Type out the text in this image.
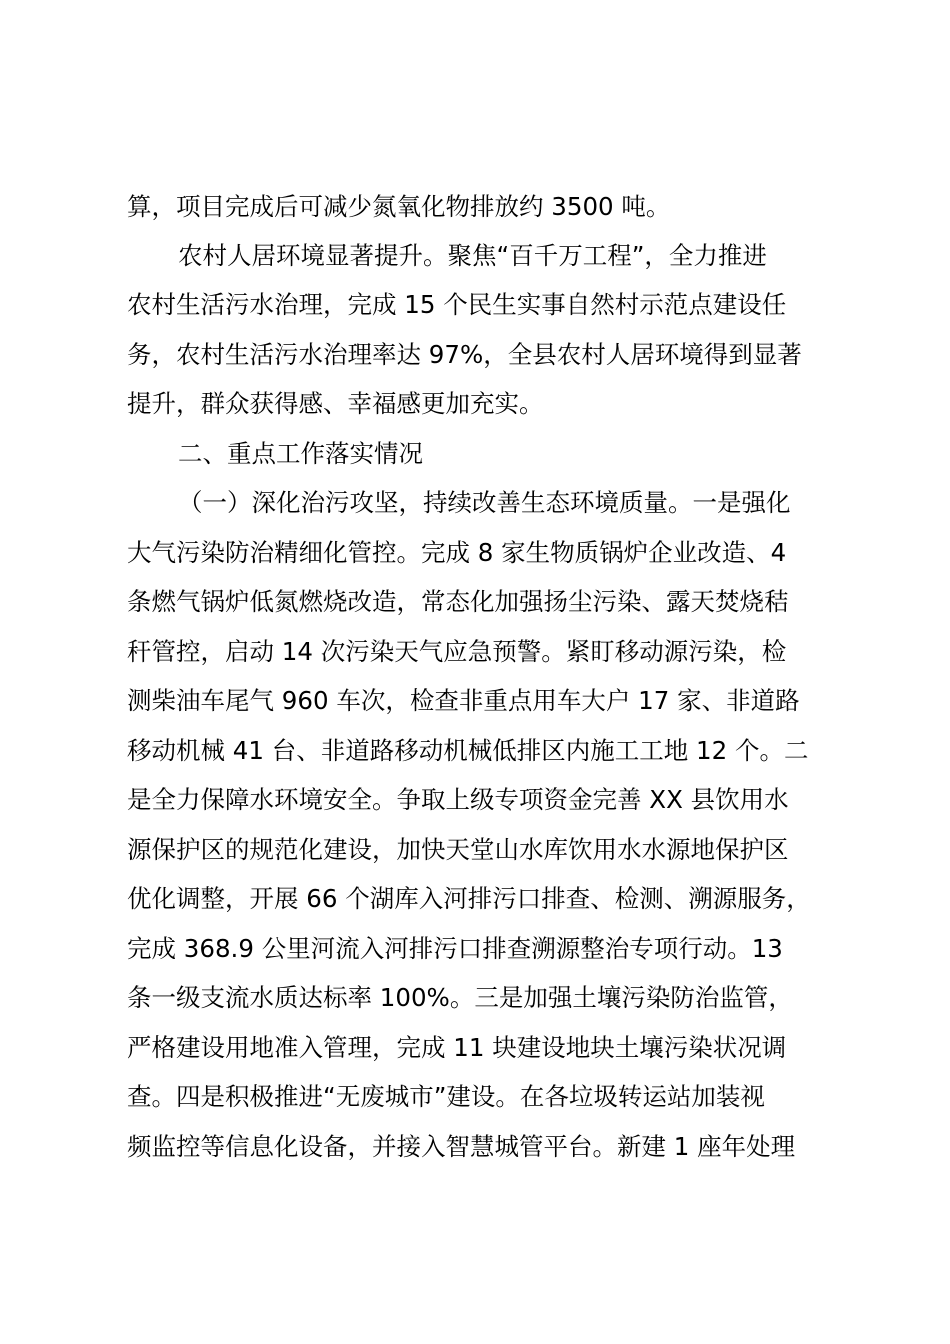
算，项目完成后可减少氮氧化物排放约 3500 吨。
农村人居环境显著提升。聚焦“百千万工程”，全力推进
农村生活污水治理，完成 15 个民生实事自然村示范点建设任
务，农村生活污水治理率达 97%，全县农村人居环境得到显著
提升，群众获得感、幸福感更加充实。
二、重点工作落实情况
（一）深化治污攻坚，持续改善生态环境质量。一是强化
大气污染防治精细化管控。完成 8 家生物质锅炉企业改造、4
条燃气锅炉低氮燃烧改造，常态化加强扬尘污染、露天焚烧秸
秆管控，启动 14 次污染天气应急预警。紧盯移动源污染，检
测柴油车尾气 960 车次，检查非重点用车大户 17 家、非道路
移动机械 41 台、非道路移动机械低排区内施工工地 12 个。二
是全力保障水环境安全。争取上级专项资金完善 XX 县饮用水
源保护区的规范化建设，加快天堂山水库饮用水水源地保护区
优化调整，开展 66 个湖库入河排污口排查、检测、溯源服务，
完成 368.9 公里河流入河排污口排查溯源整治专项行动。13
条一级支流水质达标率 100%。三是加强土壤污染防治监管，
严格建设用地准入管理，完成 11 块建设地块土壤污染状况调
查。四是积极推进“无废城市”建设。在各垃圾转运站加装视
频监控等信息化设备，并接入智慧城管平台。新建 1 座年处理
